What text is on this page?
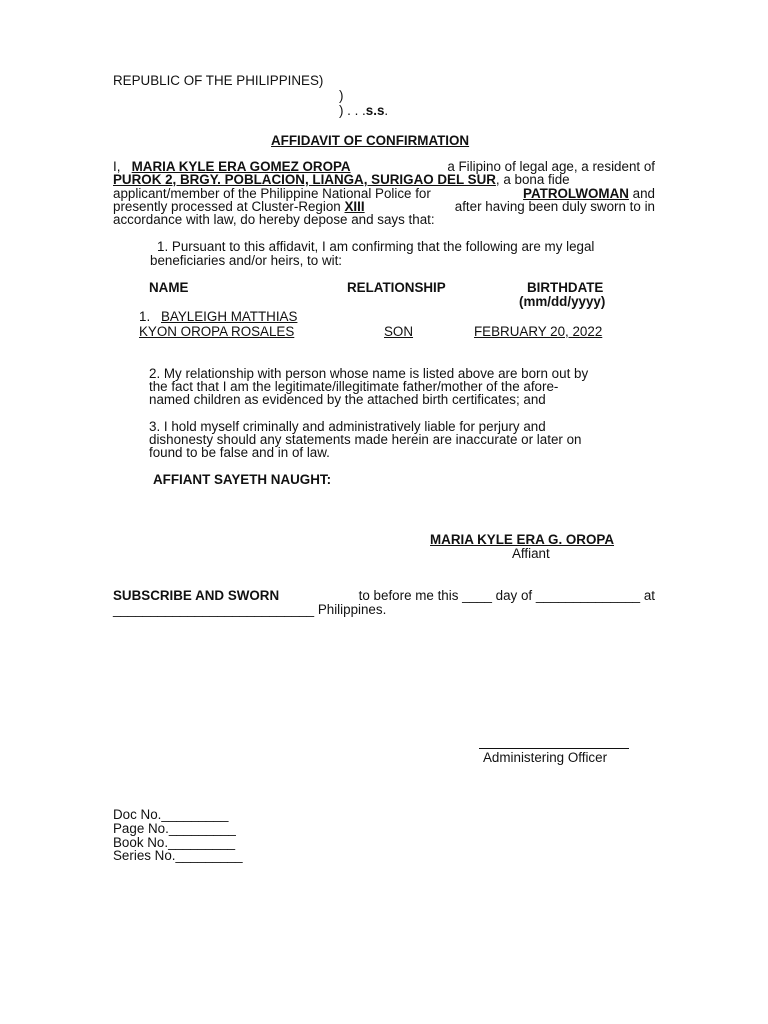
REPUBLIC OF THE PHILIPPINES)
)
) . . .s.s.
AFFIDAVIT OF CONFIRMATION
I, MARIA KYLE ERA GOMEZ OROPA	a Filipino of legal age, a resident of
PUROK 2, BRGY. POBLACION, LIANGA, SURIGAO DEL SUR, a bona fide
applicant/member of the Philippine National Police for	PATROLWOMAN and
presently processed at Cluster-Region XIII	after having been duly sworn to in
accordance with law, do hereby depose and says that:
1. Pursuant to this affidavit, I am confirming that the following are my legal
beneficiaries and/or heirs, to wit:
NAME	RELATIONSHIP	BIRTHDATE
(mm/dd/yyyy)
1. BAYLEIGH MATTHIAS
KYON OROPA ROSALES	SON	FEBRUARY 20, 2022
2. My relationship with person whose name is listed above are born out by
the fact that I am the legitimate/illegitimate father/mother of the afore-
named children as evidenced by the attached birth certificates; and
3. I hold myself criminally and administratively liable for perjury and
dishonesty should any statements made herein are inaccurate or later on
found to be false and in of law.
AFFIANT SAYETH NAUGHT:
MARIA KYLE ERA G. OROPA
Affiant
SUBSCRIBE AND SWORN	to before me this ____ day of ______________ at
___________________________ Philippines.
Administering Officer
Doc No._________
Page No._________
Book No._________
Series No._________
